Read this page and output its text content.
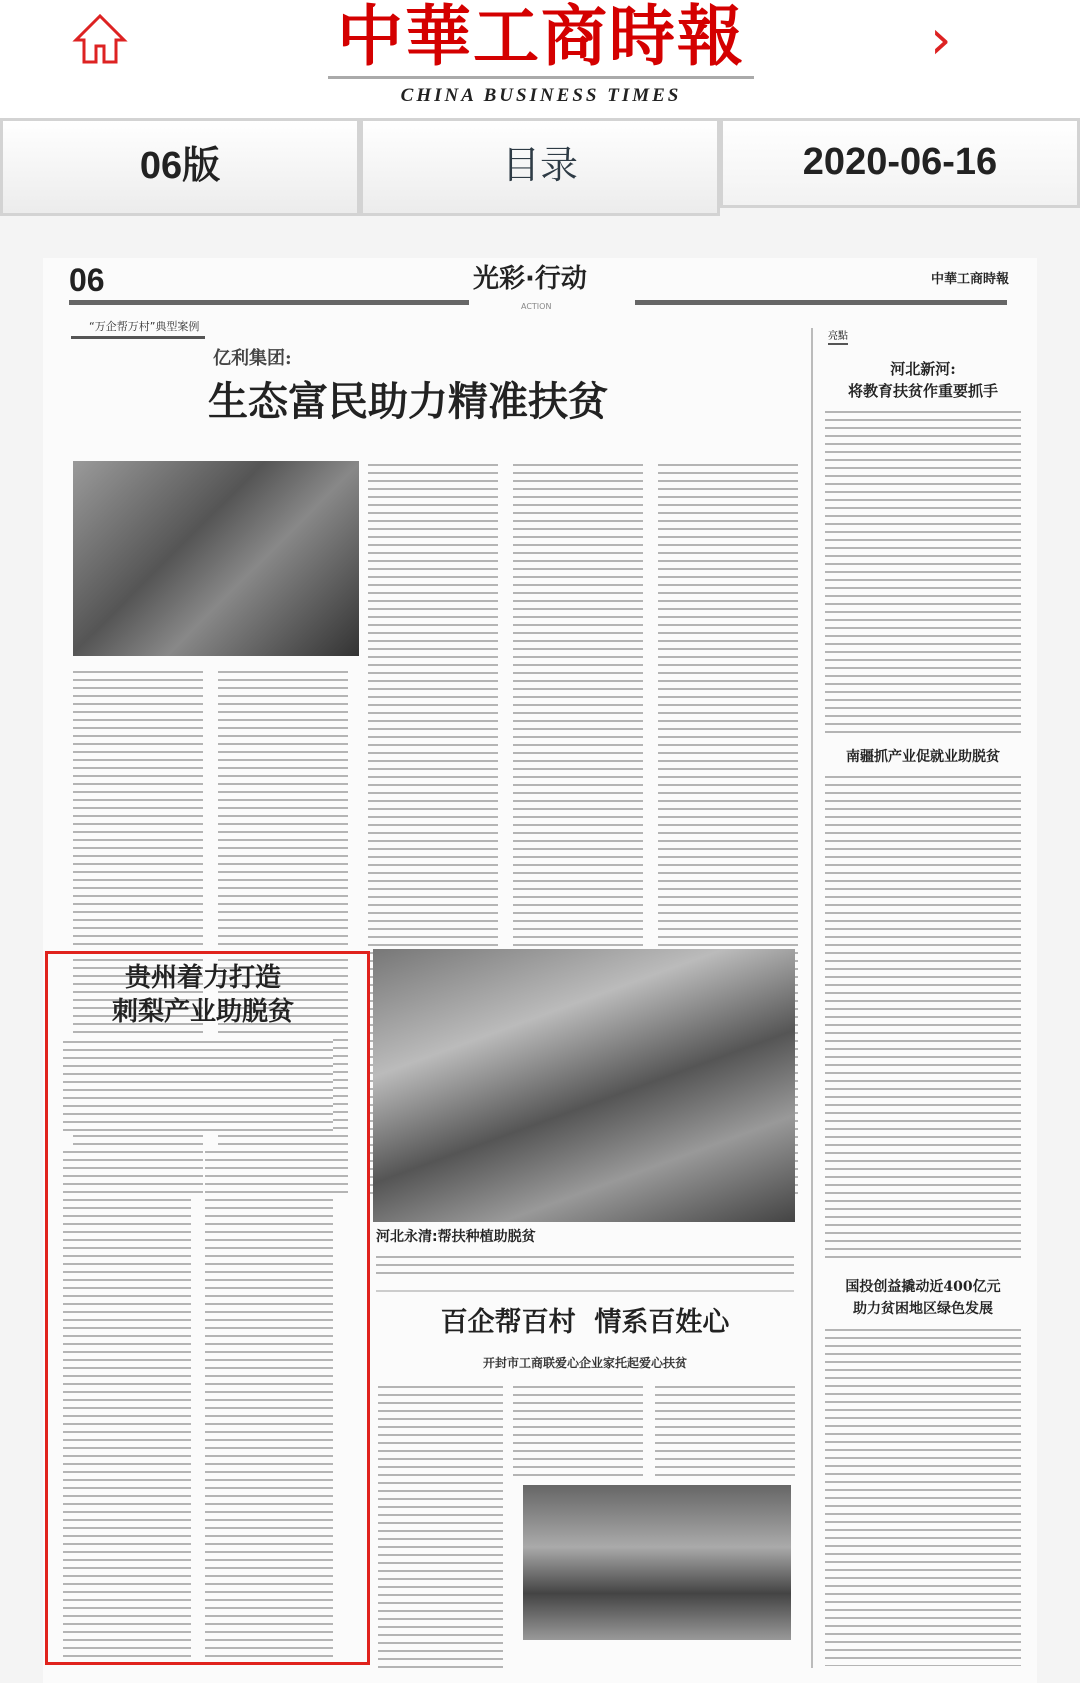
中華工商時報
CHINA BUSINESS TIMES
›
06版	目录	2020-06-16
06	光彩·行动
ACTION
中華工商時報
“万企帮万村”典型案例
亿利集团:
生态富民助力精准扶贫
亮點
河北新河:
将教育扶贫作重要抓手
南疆抓产业促就业助脱贫
国投创益撬动近400亿元
助力贫困地区绿色发展
贵州着力打造
刺梨产业助脱贫
河北永清:帮扶种植助脱贫
百企帮百村  情系百姓心
开封市工商联爱心企业家托起爱心扶贫
